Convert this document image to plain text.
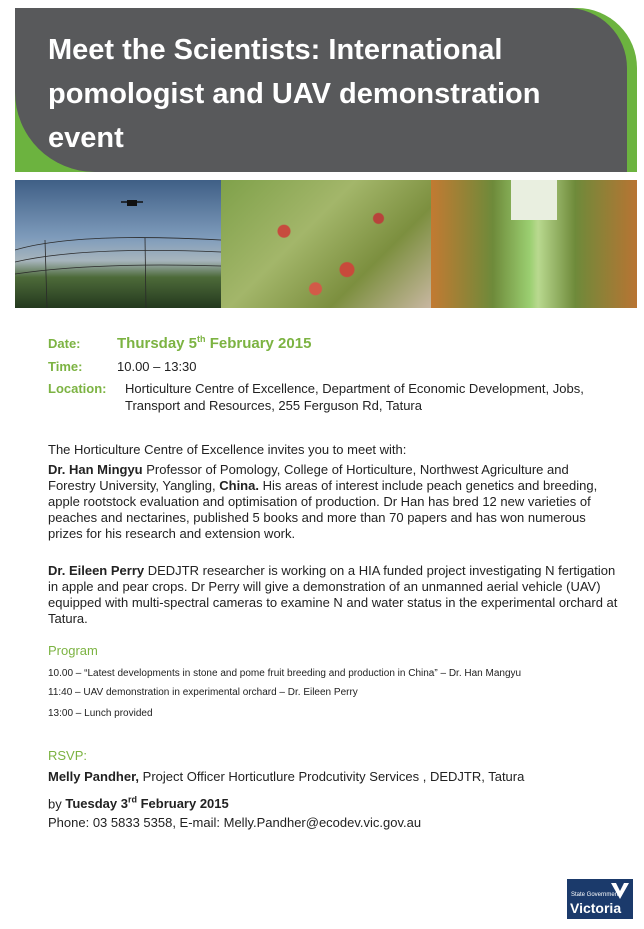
Meet the Scientists: International pomologist and UAV demonstration event
Date: Thursday 5th February 2015
Time:	10.00 – 13:30
Location: Horticulture Centre of Excellence, Department of Economic Development, Jobs,
Transport and Resources, 255 Ferguson Rd, Tatura
The Horticulture Centre of Excellence invites you to meet with:
Dr. Han Mingyu Professor of Pomology, College of Horticulture, Northwest Agriculture and Forestry University, Yangling, China. His areas of interest include peach genetics and breeding, apple rootstock evaluation and optimisation of production. Dr Han has bred 12 new varieties of peaches and nectarines, published 5 books and more than 70 papers and has won numerous prizes for his research and extension work.
Dr. Eileen Perry DEDJTR researcher is working on a HIA funded project investigating N fertigation in apple and pear crops. Dr Perry will give a demonstration of an unmanned aerial vehicle (UAV) equipped with multi-spectral cameras to examine N and water status in the experimental orchard at Tatura.
Program
10.00 – “Latest developments in stone and pome fruit breeding and production in China” – Dr. Han Mangyu
11:40 – UAV demonstration in experimental orchard – Dr. Eileen Perry
13:00 – Lunch provided
RSVP:
Melly Pandher, Project Officer Horticutlure Prodcutivity Services , DEDJTR, Tatura
by Tuesday 3rd February 2015
Phone: 03 5833 5358, E-mail: Melly.Pandher@ecodev.vic.gov.au
State Government
Victoria
